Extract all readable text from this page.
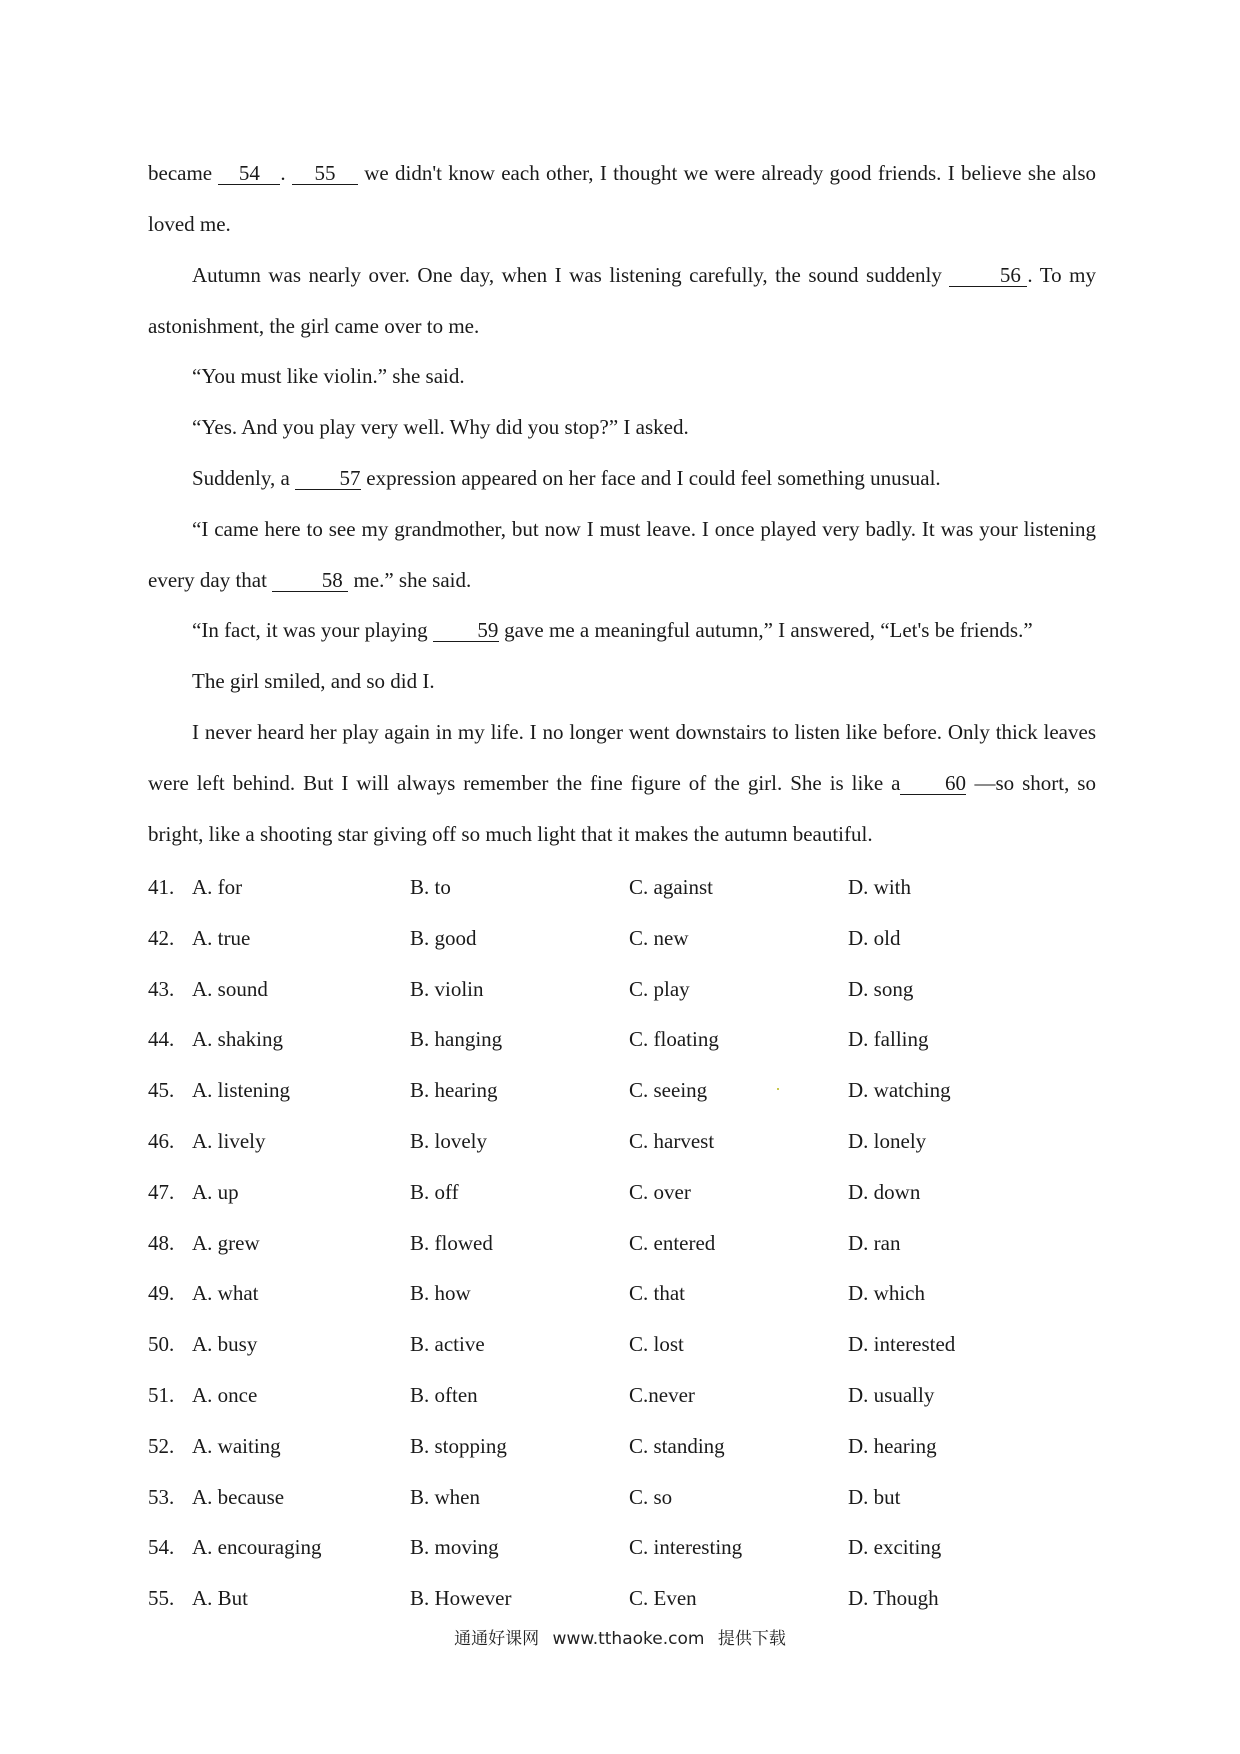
became 54 . 55 we didn't know each other, I thought we were already good friends. I believe she also loved me.

Autumn was nearly over. One day, when I was listening carefully, the sound suddenly 56 . To my astonishment, the girl came over to me.

“You must like violin.” she said.

“Yes. And you play very well. Why did you stop?” I asked.

Suddenly, a 57 expression appeared on her face and I could feel something unusual.

“I came here to see my grandmother, but now I must leave. I once played very badly. It was your listening every day that 58 me.” she said.

“In fact, it was your playing 59 gave me a meaningful autumn,” I answered, “Let's be friends.”

The girl smiled, and so did I.

I never heard her play again in my life. I no longer went downstairs to listen like before. Only thick leaves were left behind. But I will always remember the fine figure of the girl. She is like a 60 —so short, so bright, like a shooting star giving off so much light that it makes the autumn beautiful.

41. A. for	B. to	C. against	D. with
42. A. true	B. good	C. new	D. old
43. A. sound	B. violin	C. play	D. song
44. A. shaking	B. hanging	C. floating	D. falling
45. A. listening	B. hearing	C. seeing	D. watching
46. A. lively	B. lovely	C. harvest	D. lonely
47. A. up	B. off	C. over	D. down
48. A. grew	B. flowed	C. entered	D. ran
49. A. what	B. how	C. that	D. which
50. A. busy	B. active	C. lost	D. interested
51. A. once	B. often	C.never	D. usually
52. A. waiting	B. stopping	C. standing	D. hearing
53. A. because	B. when	C. so	D. but
54. A. encouraging	B. moving	C. interesting	D. exciting
55. A. But	B. However	C. Even	D. Though
通通好课网 www.tthaoke.com 提供下载
